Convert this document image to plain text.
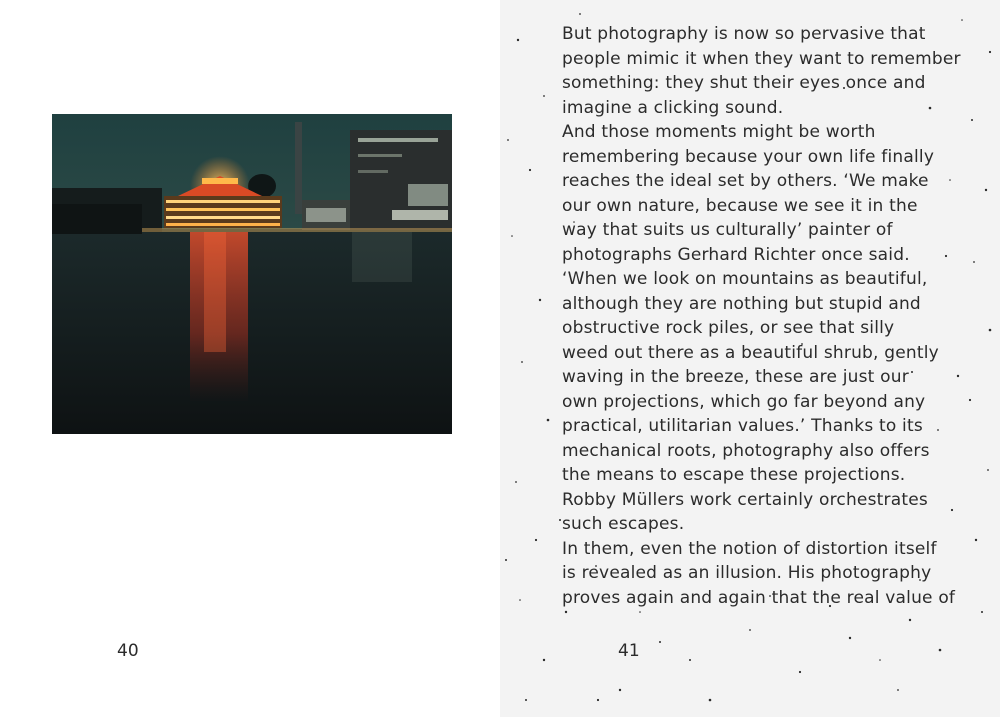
40
But photography is now so pervasive that
people mimic it when they want to remember
something: they shut their eyes once and
imagine a clicking sound.
And those moments might be worth
remembering because your own life finally
reaches the ideal set by others. ‘We make
our own nature, because we see it in the
way that suits us culturally’ painter of
photographs Gerhard Richter once said.
‘When we look on mountains as beautiful,
although they are nothing but stupid and
obstructive rock piles, or see that silly
weed out there as a beautiful shrub, gently
waving in the breeze, these are just our
own projections, which go far beyond any
practical, utilitarian values.’ Thanks to its
mechanical roots, photography also offers
the means to escape these projections.
Robby Müllers work certainly orchestrates
such escapes.
In them, even the notion of distortion itself
is revealed as an illusion. His photography
proves again and again that the real value of
41
